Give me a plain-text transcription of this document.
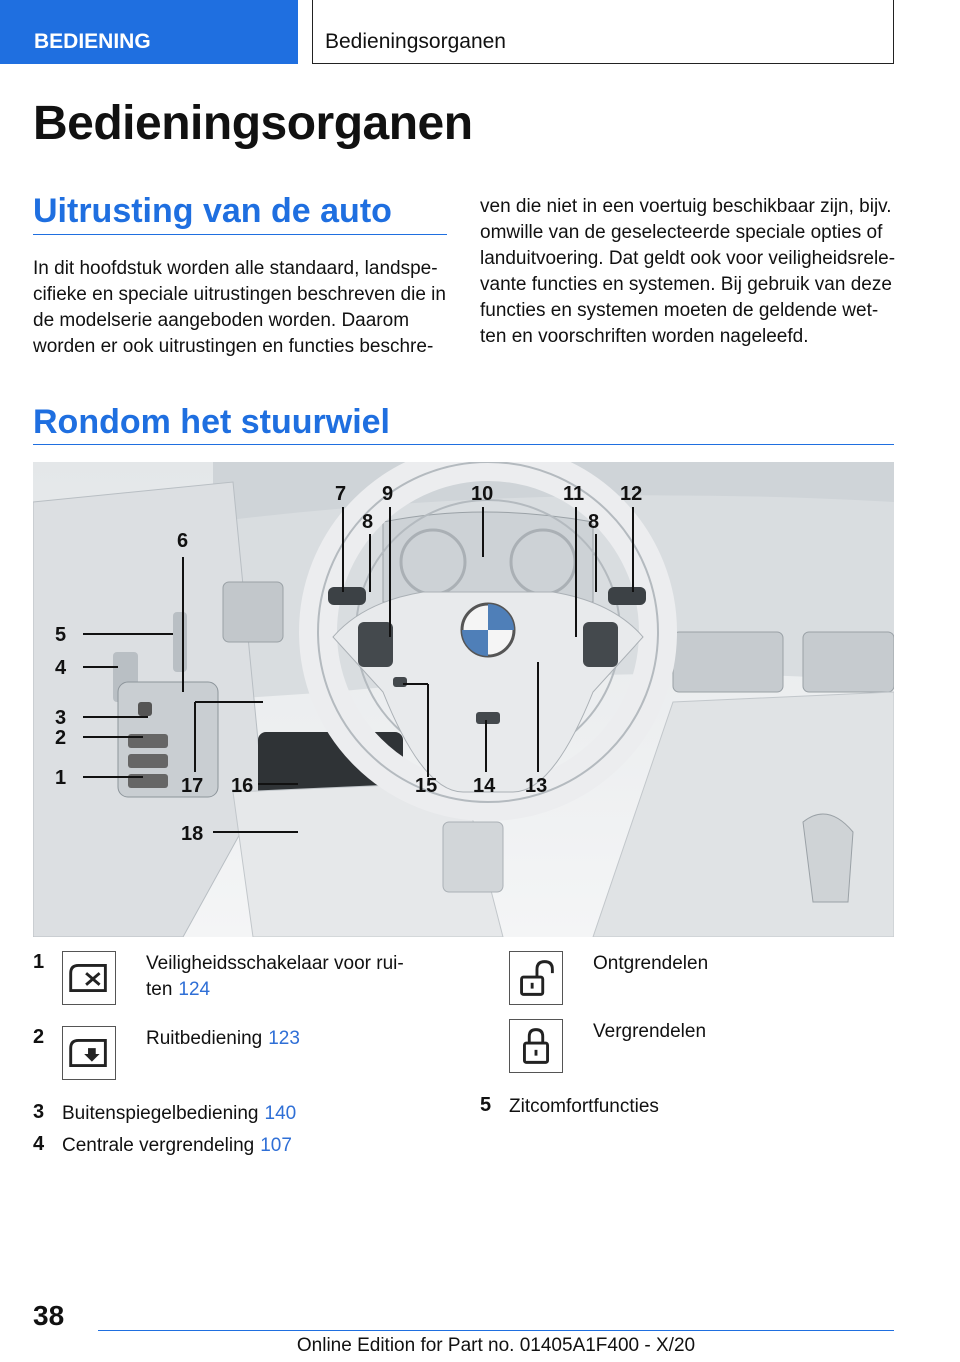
BEDIENING	Bedieningsorganen
Bedieningsorganen
Uitrusting van de auto

In dit hoofdstuk worden alle standaard, landspe-
cifieke en speciale uitrustingen beschreven die in
de modelserie aangeboden worden. Daarom
worden er ook uitrustingen en functies beschre-

ven die niet in een voertuig beschikbaar zijn, bijv.
omwille van de geselecteerde speciale opties of
landuitvoering. Dat geldt ook voor veiligheidsrele-
vante functies en systemen. Bij gebruik van deze
functies en systemen moeten de geldende wet-
ten en voorschriften worden nageleefd.

Rondom het stuurwiel
1
2
3
4
5
6
7
8
9	10	11 12
8
13
14
15
16
17
18
1	Veiligheidsschakelaar voor rui-
ten 124
2	Ruitbediening 123
3 Buitenspiegelbediening 140
4 Centrale vergrendeling 107
Ontgrendelen
Vergrendelen
5 Zitcomfortfuncties
38
Online Edition for Part no. 01405A1F400 - X/20
